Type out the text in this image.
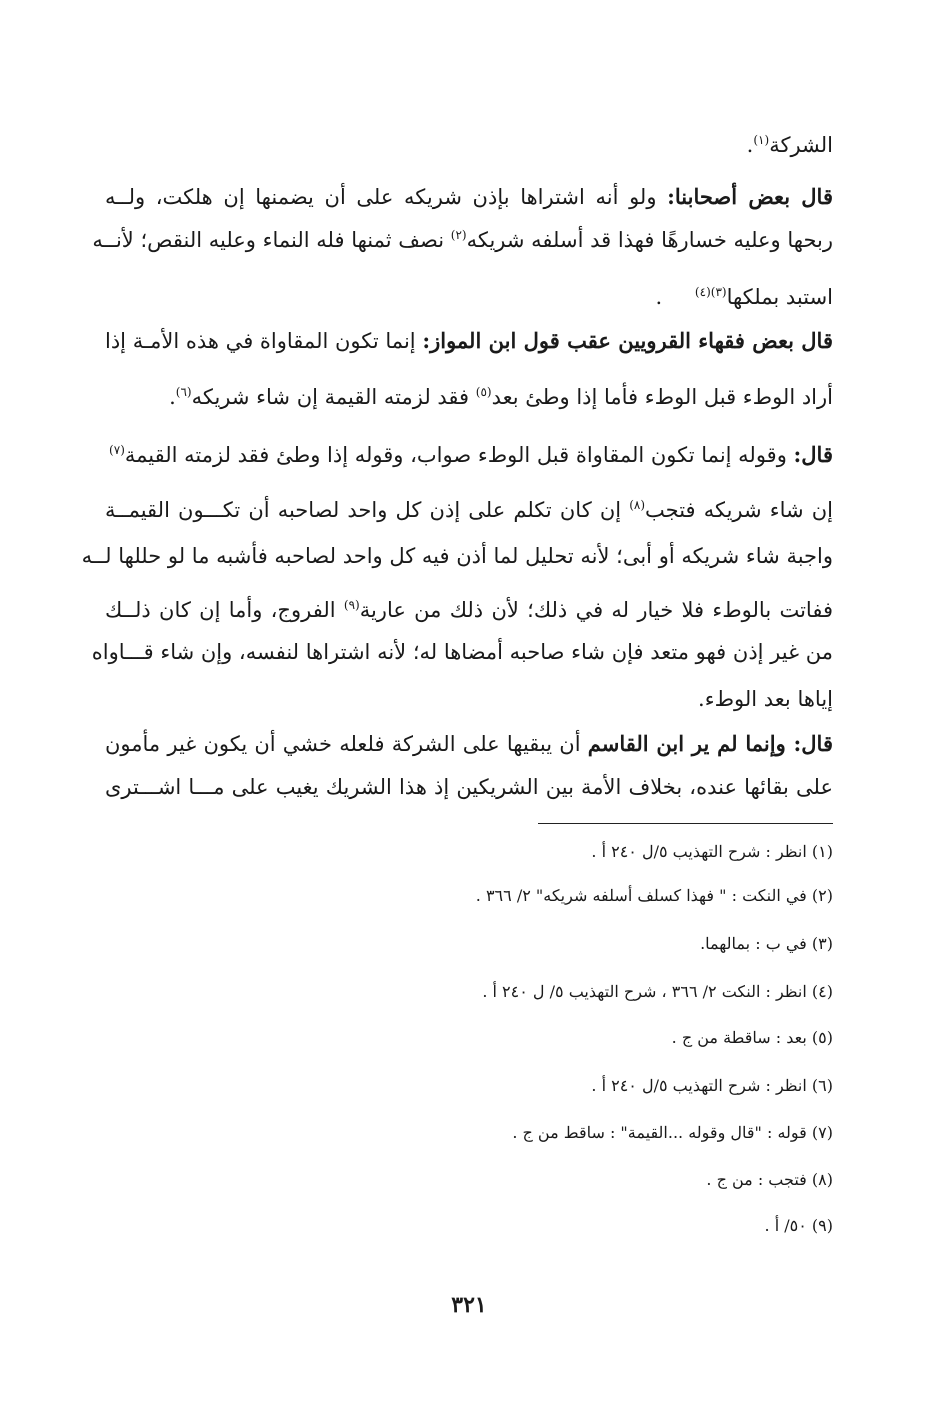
الشركة$^{(١)}$.
قال بعض أصحابنا: ولو أنه اشتراها بإذن شريكه على أن يضمنها إن هلكت، ولــه
ربحها وعليه خسارهًا فهذا قد أسلفه شريكه$^{(٢)}$ نصف ثمنها فله النماء وعليه النقص؛ لأنــه
استبد بملكها$^{(٣)(٤)}$ .
قال بعض فقهاء القرويين عقب قول ابن المواز: إنما تكون المقاواة في هذه الأمـة إذا
أراد الوطء قبل الوطء فأما إذا وطئ بعد$^{(٥)}$ فقد لزمته القيمة إن شاء شريكه$^{(٦)}$.
قال: وقوله إنما تكون المقاواة قبل الوطء صواب، وقوله إذا وطئ فقد لزمته القيمة$^{(٧)}$
إن شاء شريكه فتجب$^{(٨)}$ إن كان تكلم على إذن كل واحد لصاحبه أن تكـــون القيمــة
واجبة شاء شريكه أو أبى؛ لأنه تحليل لما أذن فيه كل واحد لصاحبه فأشبه ما لو حللها لــه
ففاتت بالوطء فلا خيار له في ذلك؛ لأن ذلك من عارية$^{(٩)}$ الفروج، وأما إن كان ذلــك
من غير إذن فهو متعد فإن شاء صاحبه أمضاها له؛ لأنه اشتراها لنفسه، وإن شاء قـــاواه
إياها بعد الوطء.
قال: وإنما لم ير ابن القاسم أن يبقيها على الشركة فلعله خشي أن يكون غير مأمون
على بقائها عنده، بخلاف الأمة بين الشريكين إذ هذا الشريك يغيب على مـــا اشـــترى
(١) انظر : شرح التهذيب ٥/ل ٢٤٠ أ .
(٢) في النكت : " فهذا كسلف أسلفه شريكه" ٢/ ٣٦٦ .
(٣) في ب : بمالهما.
(٤) انظر : النكت ٢/ ٣٦٦ ، شرح التهذيب ٥/ ل ٢٤٠ أ .
(٥) بعد : ساقطة من ج .
(٦) انظر : شرح التهذيب ٥/ل ٢٤٠ أ .
(٧) قوله : "قال وقوله ...القيمة" : ساقط من ج .
(٨) فتجب : من ج .
(٩) ٥٠/ أ .
٣٢١
